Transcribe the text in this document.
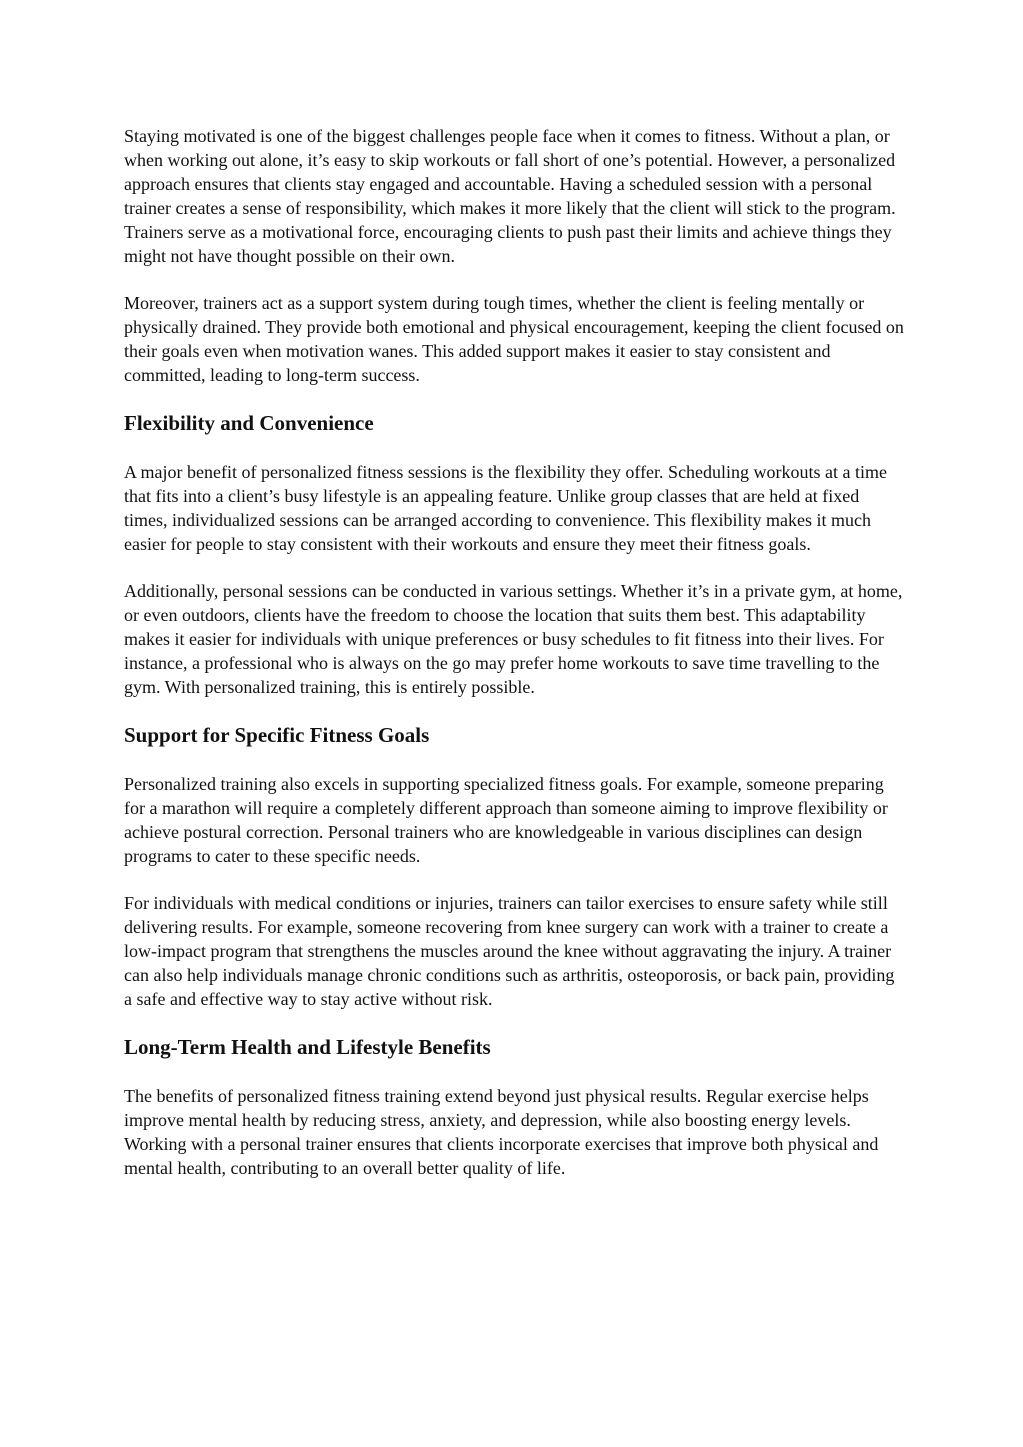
Staying motivated is one of the biggest challenges people face when it comes to fitness. Without a plan, or when working out alone, it’s easy to skip workouts or fall short of one’s potential. However, a personalized approach ensures that clients stay engaged and accountable. Having a scheduled session with a personal trainer creates a sense of responsibility, which makes it more likely that the client will stick to the program. Trainers serve as a motivational force, encouraging clients to push past their limits and achieve things they might not have thought possible on their own.

Moreover, trainers act as a support system during tough times, whether the client is feeling mentally or physically drained. They provide both emotional and physical encouragement, keeping the client focused on their goals even when motivation wanes. This added support makes it easier to stay consistent and committed, leading to long-term success.

Flexibility and Convenience

A major benefit of personalized fitness sessions is the flexibility they offer. Scheduling workouts at a time that fits into a client’s busy lifestyle is an appealing feature. Unlike group classes that are held at fixed times, individualized sessions can be arranged according to convenience. This flexibility makes it much easier for people to stay consistent with their workouts and ensure they meet their fitness goals.

Additionally, personal sessions can be conducted in various settings. Whether it’s in a private gym, at home, or even outdoors, clients have the freedom to choose the location that suits them best. This adaptability makes it easier for individuals with unique preferences or busy schedules to fit fitness into their lives. For instance, a professional who is always on the go may prefer home workouts to save time travelling to the gym. With personalized training, this is entirely possible.

Support for Specific Fitness Goals

Personalized training also excels in supporting specialized fitness goals. For example, someone preparing for a marathon will require a completely different approach than someone aiming to improve flexibility or achieve postural correction. Personal trainers who are knowledgeable in various disciplines can design programs to cater to these specific needs.

For individuals with medical conditions or injuries, trainers can tailor exercises to ensure safety while still delivering results. For example, someone recovering from knee surgery can work with a trainer to create a low-impact program that strengthens the muscles around the knee without aggravating the injury. A trainer can also help individuals manage chronic conditions such as arthritis, osteoporosis, or back pain, providing a safe and effective way to stay active without risk.

Long-Term Health and Lifestyle Benefits

The benefits of personalized fitness training extend beyond just physical results. Regular exercise helps improve mental health by reducing stress, anxiety, and depression, while also boosting energy levels. Working with a personal trainer ensures that clients incorporate exercises that improve both physical and mental health, contributing to an overall better quality of life.
